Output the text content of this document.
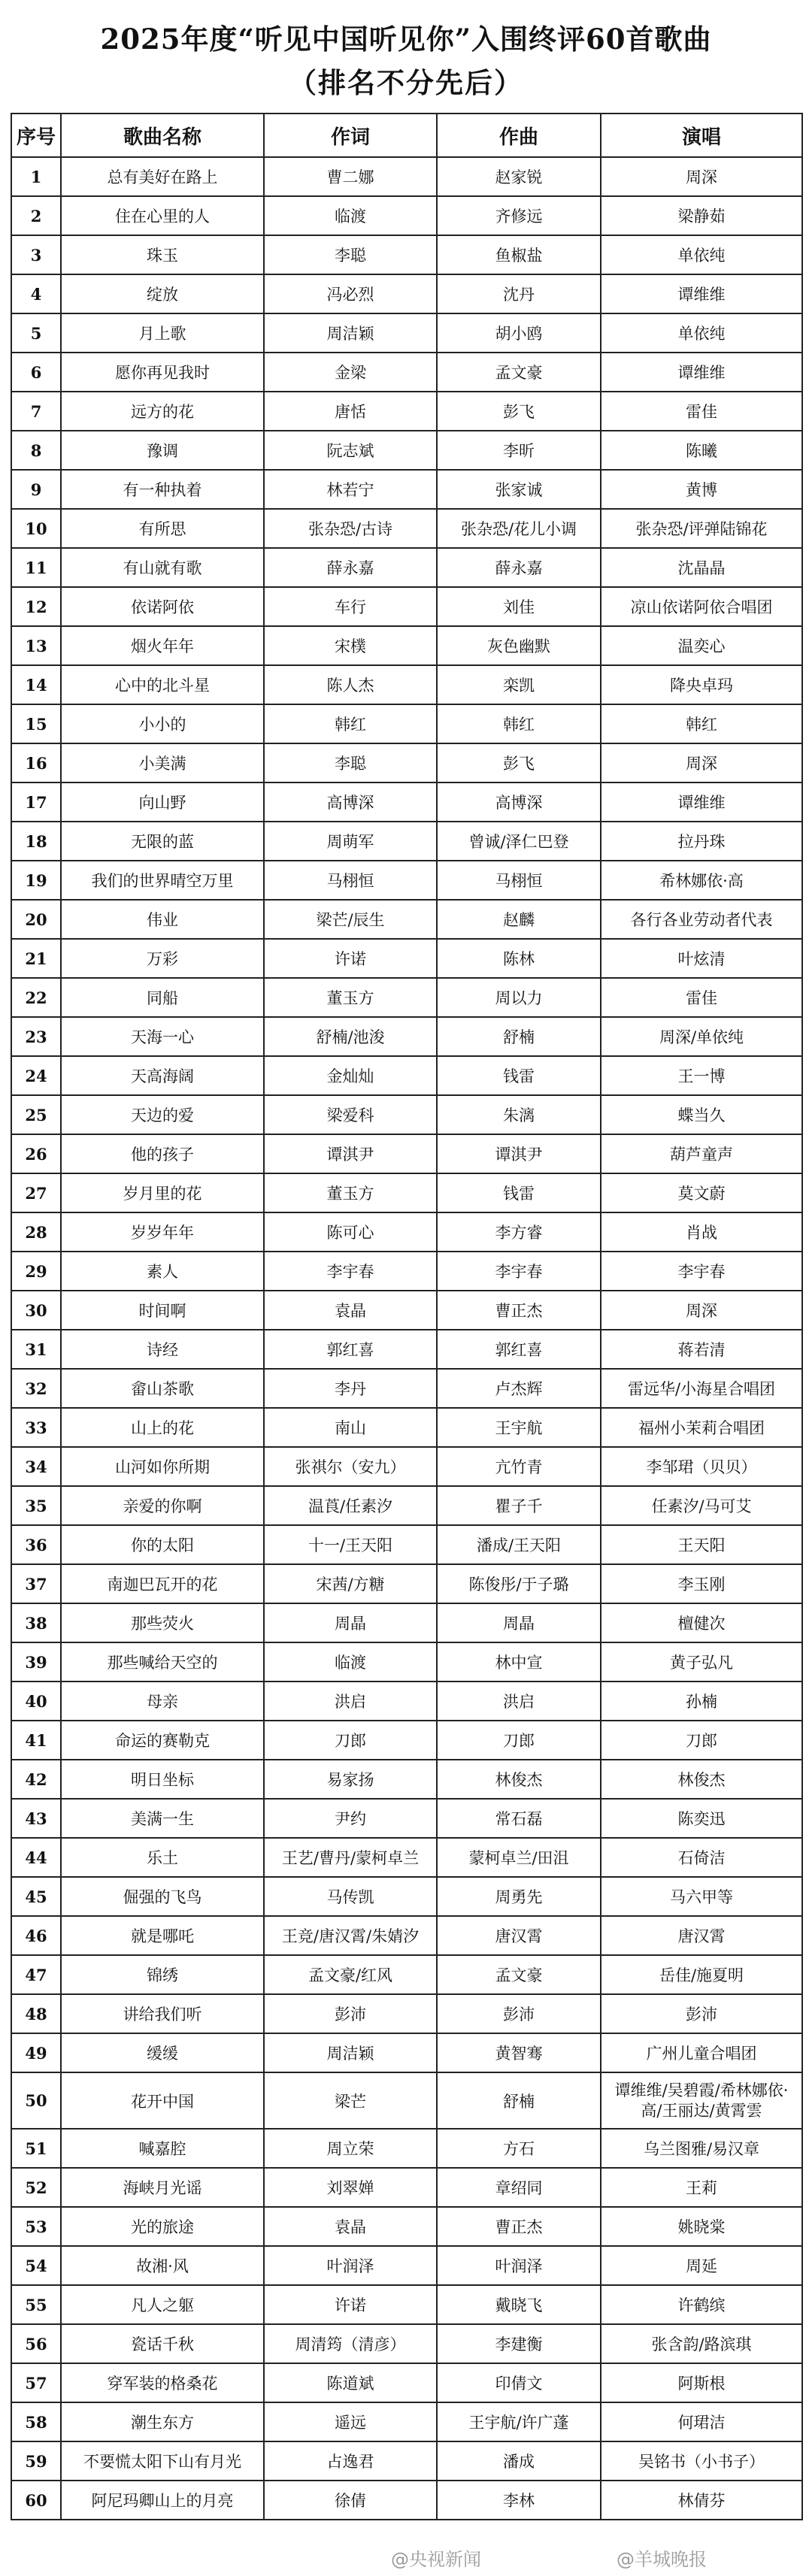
2025年度“听见中国听见你”入围终评60首歌曲
（排名不分先后）
序号	歌曲名称	作词	作曲	演唱
1	总有美好在路上	曹二娜	赵家锐	周深
2	住在心里的人	临渡	齐修远	梁静茹
3	珠玉	李聪	鱼椒盐	单依纯
4	绽放	冯必烈	沈丹	谭维维
5	月上歌	周洁颖	胡小鸥	单依纯
6	愿你再见我时	金梁	孟文豪	谭维维
7	远方的花	唐恬	彭飞	雷佳
8	豫调	阮志斌	李昕	陈曦
9	有一种执着	林若宁	张家诚	黄博
10	有所思	张杂恐/古诗	张杂恐/花儿小调	张杂恐/评弹陆锦花
11	有山就有歌	薛永嘉	薛永嘉	沈晶晶
12	依诺阿依	车行	刘佳	凉山依诺阿依合唱团
13	烟火年年	宋樸	灰色幽默	温奕心
14	心中的北斗星	陈人杰	栾凯	降央卓玛
15	小小的	韩红	韩红	韩红
16	小美满	李聪	彭飞	周深
17	向山野	高博深	高博深	谭维维
18	无限的蓝	周萌军	曾诚/泽仁巴登	拉丹珠
19	我们的世界晴空万里	马栩恒	马栩恒	希林娜依·高
20	伟业	梁芒/辰生	赵麟	各行各业劳动者代表
21	万彩	许诺	陈林	叶炫清
22	同船	董玉方	周以力	雷佳
23	天海一心	舒楠/池浚	舒楠	周深/单依纯
24	天高海阔	金灿灿	钱雷	王一博
25	天边的爱	梁爱科	朱漓	蝶当久
26	他的孩子	谭淇尹	谭淇尹	葫芦童声
27	岁月里的花	董玉方	钱雷	莫文蔚
28	岁岁年年	陈可心	李方睿	肖战
29	素人	李宇春	李宇春	李宇春
30	时间啊	袁晶	曹正杰	周深
31	诗经	郭红喜	郭红喜	蒋若清
32	畲山茶歌	李丹	卢杰辉	雷远华/小海星合唱团
33	山上的花	南山	王宇航	福州小茉莉合唱团
34	山河如你所期	张祺尔（安九）	亢竹青	李邹珺（贝贝）
35	亲爱的你啊	温莨/任素汐	瞿子千	任素汐/马可艾
36	你的太阳	十一/王天阳	潘成/王天阳	王天阳
37	南迦巴瓦开的花	宋茜/方糖	陈俊彤/于子璐	李玉刚
38	那些荧火	周晶	周晶	檀健次
39	那些喊给天空的	临渡	林中宣	黄子弘凡
40	母亲	洪启	洪启	孙楠
41	命运的赛勒克	刀郎	刀郎	刀郎
42	明日坐标	易家扬	林俊杰	林俊杰
43	美满一生	尹约	常石磊	陈奕迅
44	乐土	王艺/曹丹/蒙柯卓兰	蒙柯卓兰/田沮	石倚洁
45	倔强的飞鸟	马传凯	周勇先	马六甲等
46	就是哪吒	王竞/唐汉霄/朱婧汐	唐汉霄	唐汉霄
47	锦绣	孟文豪/红风	孟文豪	岳佳/施夏明
48	讲给我们听	彭沛	彭沛	彭沛
49	缓缓	周洁颖	黄智骞	广州儿童合唱团
50	花开中国	梁芒	舒楠	谭维维/吴碧霞/希林娜依·高/王丽达/黄霄雲
51	喊嘉腔	周立荣	方石	乌兰图雅/易汉章
52	海峡月光谣	刘翠婵	章绍同	王莉
53	光的旅途	袁晶	曹正杰	姚晓棠
54	故湘·风	叶润泽	叶润泽	周延
55	凡人之躯	许诺	戴晓飞	许鹤缤
56	瓷话千秋	周清筠（清彦）	李建衡	张含韵/路滨琪
57	穿军装的格桑花	陈道斌	印倩文	阿斯根
58	潮生东方	遥远	王宇航/许广蓬	何珺洁
59	不要慌太阳下山有月光	占逸君	潘成	吴铭书（小书子）
60	阿尼玛卿山上的月亮	徐倩	李林	林倩芬
@央视新闻	@羊城晚报
